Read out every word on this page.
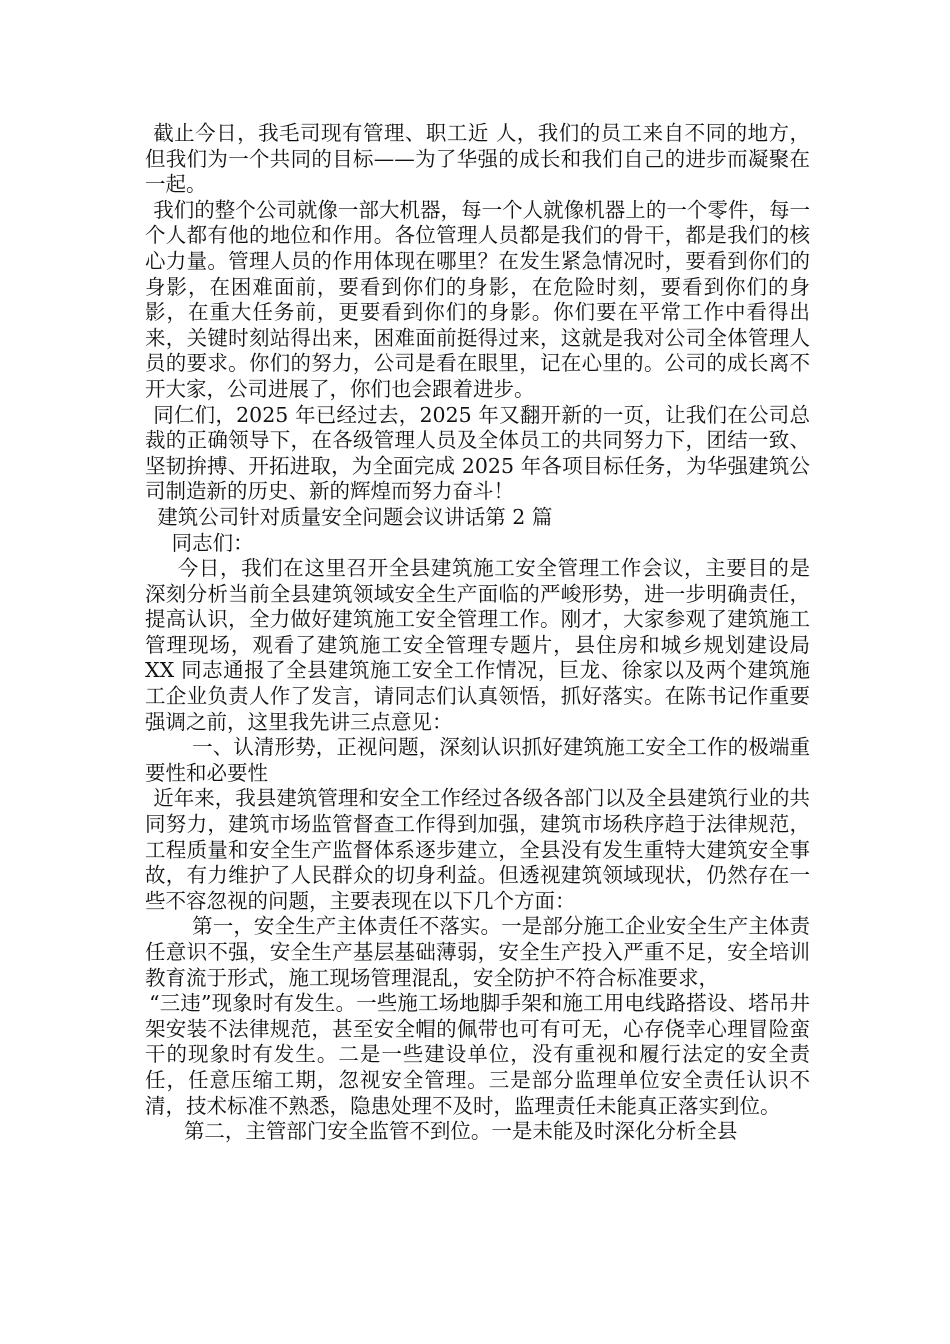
截止今日，我毛司现有管理、职工近 人，我们的员工来自不同的地方，但我们为一个共同的目标——为了华强的成长和我们自己的进步而凝聚在一起。

我们的整个公司就像一部大机器，每一个人就像机器上的一个零件，每一个人都有他的地位和作用。各位管理人员都是我们的骨干，都是我们的核心力量。管理人员的作用体现在哪里？在发生紧急情况时，要看到你们的身影，在困难面前，要看到你们的身影，在危险时刻，要看到你们的身影，在重大任务前，更要看到你们的身影。你们要在平常工作中看得出来，关键时刻站得出来，困难面前挺得过来，这就是我对公司全体管理人员的要求。你们的努力，公司是看在眼里，记在心里的。公司的成长离不开大家，公司进展了，你们也会跟着进步。

同仁们，2025 年已经过去，2025 年又翻开新的一页，让我们在公司总裁的正确领导下，在各级管理人员及全体员工的共同努力下，团结一致、坚韧拚搏、开拓进取，为全面完成 2025 年各项目标任务，为华强建筑公司制造新的历史、新的辉煌而努力奋斗！

建筑公司针对质量安全问题会议讲话第 2 篇

同志们：

今日，我们在这里召开全县建筑施工安全管理工作会议，主要目的是深刻分析当前全县建筑领域安全生产面临的严峻形势，进一步明确责任，提高认识，全力做好建筑施工安全管理工作。刚才，大家参观了建筑施工管理现场，观看了建筑施工安全管理专题片，县住房和城乡规划建设局 XX 同志通报了全县建筑施工安全工作情况，巨龙、徐家以及两个建筑施工企业负责人作了发言，请同志们认真领悟，抓好落实。在陈书记作重要强调之前，这里我先讲三点意见：

一、认清形势，正视问题，深刻认识抓好建筑施工安全工作的极端重要性和必要性

近年来，我县建筑管理和安全工作经过各级各部门以及全县建筑行业的共同努力，建筑市场监管督查工作得到加强，建筑市场秩序趋于法律规范，工程质量和安全生产监督体系逐步建立，全县没有发生重特大建筑安全事故，有力维护了人民群众的切身利益。但透视建筑领域现状，仍然存在一些不容忽视的问题，主要表现在以下几个方面：

第一，安全生产主体责任不落实。一是部分施工企业安全生产主体责任意识不强，安全生产基层基础薄弱，安全生产投入严重不足，安全培训教育流于形式，施工现场管理混乱，安全防护不符合标准要求，

“三违”现象时有发生。一些施工场地脚手架和施工用电线路搭设、塔吊井架安装不法律规范，甚至安全帽的佩带也可有可无，心存侥幸心理冒险蛮干的现象时有发生。二是一些建设单位，没有重视和履行法定的安全责任，任意压缩工期，忽视安全管理。三是部分监理单位安全责任认识不清，技术标准不熟悉，隐患处理不及时，监理责任未能真正落实到位。

第二，主管部门安全监管不到位。一是未能及时深化分析全县
